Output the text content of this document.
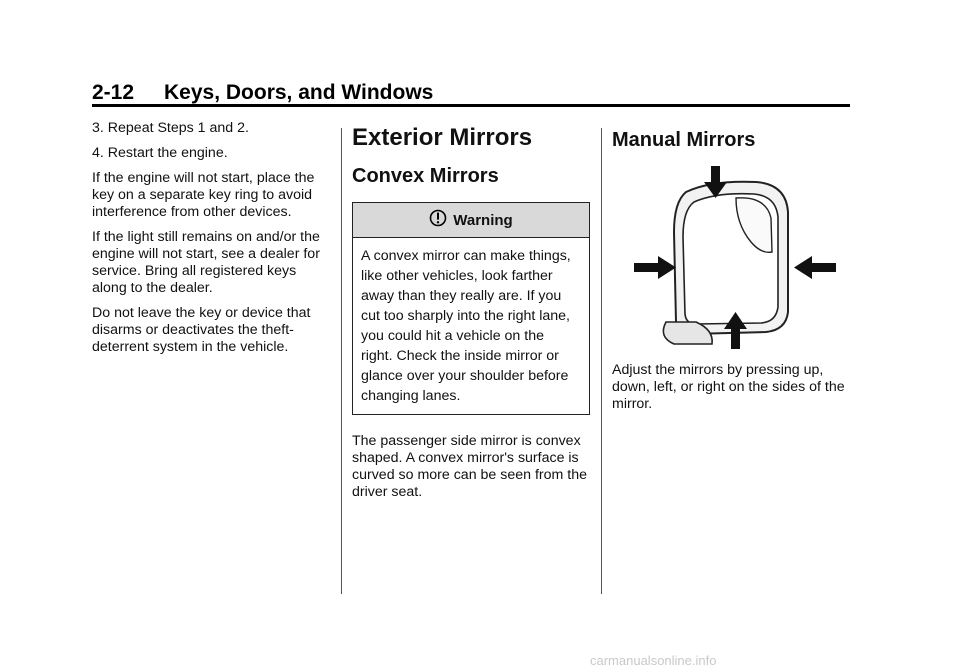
2-12 Keys, Doors, and Windows

3. Repeat Steps 1 and 2.

4. Restart the engine.

If the engine will not start, place the key on a separate key ring to avoid interference from other devices.

If the light still remains on and/or the engine will not start, see a dealer for service. Bring all registered keys along to the dealer.

Do not leave the key or device that disarms or deactivates the theft-deterrent system in the vehicle.

Exterior Mirrors
Convex Mirrors
Warning
A convex mirror can make things, like other vehicles, look farther away than they really are. If you cut too sharply into the right lane, you could hit a vehicle on the right. Check the inside mirror or glance over your shoulder before changing lanes.

The passenger side mirror is convex shaped. A convex mirror's surface is curved so more can be seen from the driver seat.

Manual Mirrors

Adjust the mirrors by pressing up, down, left, or right on the sides of the mirror.

carmanualsonline.info
